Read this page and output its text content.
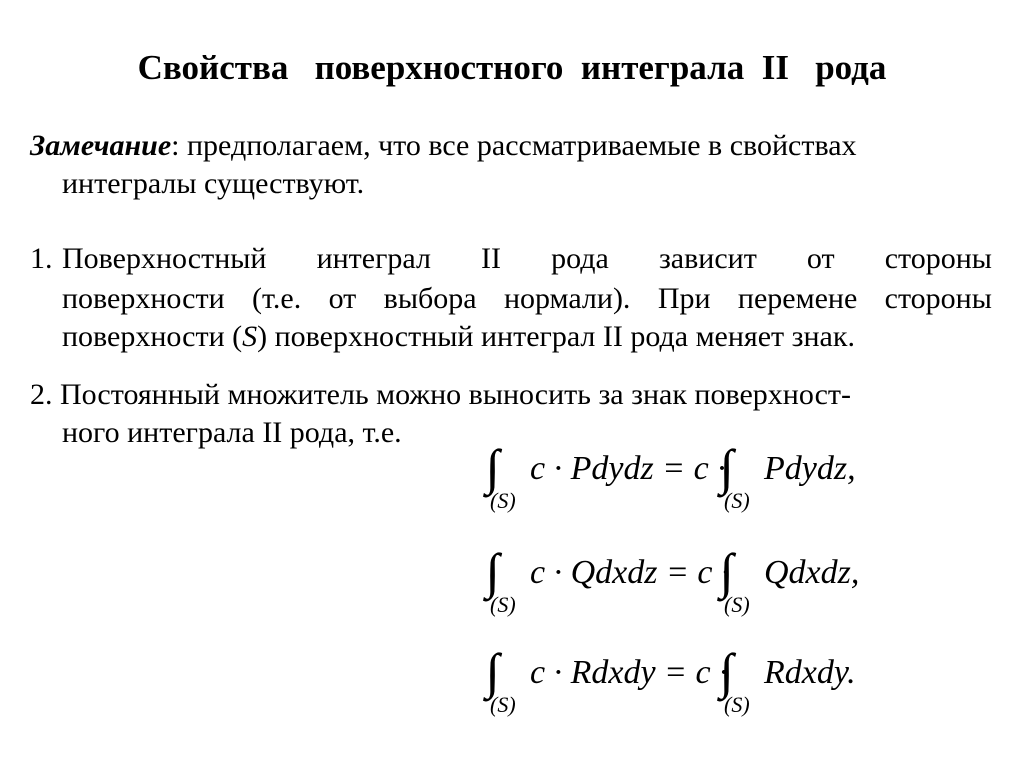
Свойства   поверхностного  интеграла  II   рода
Замечание: предполагаем, что все рассматриваемые в свойствах
интегралы существуют.
1. Поверхностный интеграл II рода зависит от стороны
поверхности (т.е. от выбора нормали). При перемене стороны
поверхности (S) поверхностный интеграл II рода меняет знак.
2. Постоянный множитель можно выносить за знак поверхност-
ного интеграла II рода, т.е.
c · Pdydz = c · Pdydz,
(S)	(S)
c · Qdxdz = c · Qdxdz,
(S)	(S)
c · Rdxdy = c · Rdxdy.
(S)	(S)
